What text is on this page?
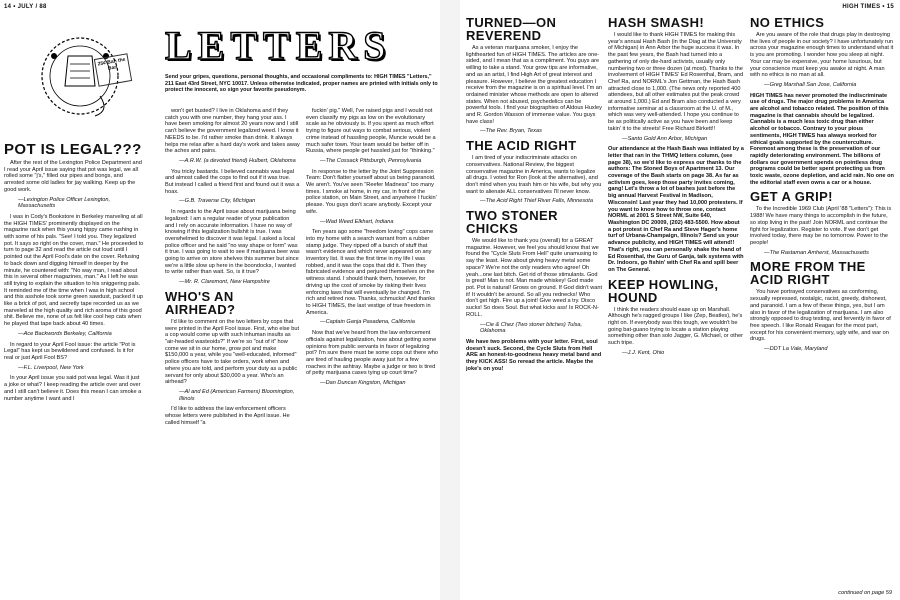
14 • JULY / 88
25¢ Ban the Ban
LETTERS
Send your gripes, questions, personal thoughts, and occasional compliments to: HIGH TIMES "Letters," 211 East 43rd Street, NYC 10017. Unless otherwise indicated, proper names are printed with initials only to protect the innocent, so sign your favorite pseudonym.
POT IS LEGAL???

After the rest of the Lexington Police Department and I read your April issue saying that pot was legal, we all rolled some "j's," filled our pipes and bongs, and arrested some old ladies for jay walking. Keep up the good work.

—Lexington Police Officer Lexington, Massachusetts

I was in Cody's Bookstore in Berkeley marveling at all the HIGH TIMES' prominently displayed on the magazine rack when this young hippy came rushing in with some of his pals. "See! I told you. They legalized pot. It says so right on the cover, man." He proceeded to turn to page 32 and read the article out loud until I pointed out the April Fool's date on the cover. Refusing to back down and digging himself in deeper by the minute, he countered with: "No way man, I read about this in several other magazines, man." As I left he was still trying to explain the situation to his sniggering pals. It reminded me of the time when I was in high school and this asshole took some green sawdust, packed it up like a brick of pot, and secretly tape recorded us as we marveled at the high quality and rich aroma of this good shit. Believe me, none of us felt like cool hep cats when he played that tape back about 40 times.

—Ace Backwords Berkeley, California

In regard to your April Fool issue: the article "Pot is Legal" has kept us bewildered and confused. Is it for real or just April Fool BS?

—F.L. Liverpool, New York

In your April issue you said pot was legal. Was it just a joke or what? I keep reading the article over and over and I still can't believe it. Does this mean I can smoke a number anytime I want and I

won't get busted? I live in Oklahoma and if they catch you with one number, they hang your ass. I have been smoking for almost 20 years now and I still can't believe the government legalized weed. I know it NEEDS to be. I'd rather smoke than drink. It always helps me relax after a hard day's work and takes away the aches and pains.

—A.R.W. (a devoted friend) Hulbert, Oklahoma

You tricky bastards. I believed cannabis was legal and almost called the cops to find out if it was true. But instead I called a friend first and found out it was a hoax.

—G.B. Traverse City, Michigan

In regards to the April issue about marijuana being legalized: I am a regular reader of your publication and I rely on accurate information. I have no way of knowing if this legalization bullshit is true. I was overwhelmed to discover it was legal. I asked a local police officer and he said "no way shape or form" was it true. I was going to wait to see if marijuana beer was going to arrive on store shelves this summer but since we're a little slow up here in the boondocks, I wanted to write rather than wait. So, is it true?

—Mr. R. Claremont, New Hampshire

WHO'S AN AIRHEAD?

I'd like to comment on the two letters by cops that were printed in the April Fool issue. First, who else but a cop would come up with such inhuman insults as "air-headed wasteoids?" If we're so "out of it" how come we sit in our home, grow pot and make $150,000 a year, while you "well-educated, informed" police officers have to take orders, work when and where you are told, and perform your duty as a public servant for only about $30,000 a year. Who's an airhead?

—Al and Ed (American Farmers) Bloomington, Illinois

I'd like to address the law enforcement officers whose letters were published in the April issue. He called himself "a

fuckin' pig." Well, I've raised pigs and I would not even classify my pigs as low on the evolutionary scale as he obviously is. If you spent as much effort trying to figure out ways to combat serious, violent crime instead of hassling people, Muncie would be a much safer town. Your team would be better off in Russia, where people get hassled just for "thinking."

—The Cossack Pittsburgh, Pennsylvania

In response to the letter by the Joint Suppression Team: Don't flatter yourself about us being paranoid. We aren't. You've seen "Reefer Madness" too many times. I smoke at home, in my car, in front of the police station, on Main Street, and anywhere I fuckin' please. You guys don't scare anybody. Except your wife.

—Wad Weed Elkhart, Indiana

Ten years ago some "freedom loving" cops came into my home with a search warrant from a rubber stamp judge. They ripped off a bunch of stuff that wasn't evidence and which never appeared on any inventory list. It was the first time in my life I was robbed, and it was the cops that did it. Then they fabricated evidence and perjured themselves on the witness stand. I should thank them, however, for driving up the cost of smoke by risking their lives enforcing laws that will eventually be changed. I'm rich and retired now. Thanks, schmucks! And thanks to HIGH TIMES, the last vestige of true freedom in America.

—Captain Ganja Pasadena, California

Now that we've heard from the law enforcement officials against legalization, how about getting some opinions from public servants in favor of legalizing pot? I'm sure there must be some cops out there who are tired of hauling people away just for a few roaches in the ashtray. Maybe a judge or two is tired of petty marijuana cases tying up court time?

—Dan Duncan Kingston, Michigan

HIGH TIMES • 15
TURNED—ON REVEREND

As a veteran marijuana smoker, I enjoy the lighthearted fun of HIGH TIMES. The articles are one-sided, and I mean that as a compliment. You guys are willing to take a stand. Your grow tips are informative, and as an artist, I find High Art of great interest and pleasure. However, I believe the greatest education I receive from the magazine is on a spiritual level. I'm an ordained minister whose methods are open to altered states. When not abused, psychedelics can be powerful tools. I find your biographies of Aldous Huxley and R. Gordon Wasson of immense value. You guys have class!

—The Rev. Bryan, Texas

THE ACID RIGHT

I am tired of your indiscriminate attacks on conservatives. National Review, the biggest conservative magazine in America, wants to legalize all drugs. I voted for Ron (look at the alternative), and don't mind when you trash him or his wife, but why you want to alienate ALL conservatives I'll never know.

—The Acid Right Thief River Falls, Minnesota

TWO STONER CHICKS

We would like to thank you (overall) for a GREAT magazine. However, we feel you should know that we found the "Cycle Sluts From Hell" quite unamusing to say the least. How about giving heavy metal some space? We're not the only readers who agree! Oh yeah...one last bitch. Get rid of those stimulants. God is great! Man is not. Man made whiskey! God made pot. Pot is natural! Grows on ground. If God didn't want it! It wouldn't be around. So all you rednecks! Who don't get high. Fire up a joint! Give weed a try. Disco sucks! So does Soul. But what kicks ass! Is ROCK-N-ROLL.

—Cie & Chez (Two stoner bitches) Tulsa, Oklahoma

We have two problems with your letter. First, soul doesn't suck. Second, the Cycle Sluts from Hell ARE an honest-to-goodness heavy metal band and they KICK ASS! So reread the article. Maybe the joke's on you!

HASH SMASH!

I would like to thank HIGH TIMES for making this year's annual Hash Bash (in the Diag at the University of Michigan) in Ann Arbor the huge success it was. In the past few years, the Bash had turned into a gathering of only die-hard activists, usually only numbering two or three dozen (at most). Thanks to the involvement of HIGH TIMES' Ed Rosenthal, Bram, and Chef Ra, and NORML's Jon Gettman, the Hash Bash attracted close to 1,000. (The news only reported 400 attendees, but all other estimates put the peak crowd at around 1,000.) Ed and Bram also conducted a very informative seminar at a classroom at the U. of M., which was very well-attended. I hope you continue to be as politically active as you have been and keep takin' it to the streets! Free Richard Birkett!!

—Santo Gold Ann Arbor, Michigan

Our attendance at the Hash Bash was initiated by a letter that ran in the THMQ letters column, (see page 38), so we'd like to express our thanks to the authors: The Stoned Boys of Apartment 13. Our coverage of the Bash starts on page 38. As far as activism goes, keep those party invites coming, gang! Let's throw a lot of bashes just before the big annual Harvest Festival in Madison, Wisconsin! Last year they had 10,000 protesters. If you want to know how to throw one, contact NORML at 2001 S Street NW, Suite 640, Washington DC 20009, (202) 483-5500. How about a pot protest in Chef Ra and Steve Hager's home turf of Urbana-Champaign, Illinois? Send us your advance publicity, and HIGH TIMES will attend!! That's right, you can personally shake the hand of Ed Rosenthal, the Guru of Ganja, talk systems with Dr. Indoors, go fishin' with Chef Ra and spill beer on The General.

KEEP HOWLING, HOUND

I think the readers should ease up on Marshall. Although he's ragged groups I like (Zep, Beatles), he's right on. If everybody was this tough, we wouldn't be going bat-guano trying to locate a station playing something other than solo Jagger, G. Michael, or other such tripe.

—J.J. Kent, Ohio

NO ETHICS

Are you aware of the role that drugs play in destroying the lives of people in our society? I have unfortunately run across your magazine enough times to understand what it is you are promoting. I wonder how you sleep at night. Your car may be expensive, your home luxurious, but your conscience must keep you awake at night. A man with no ethics is no man at all.

—Greg Marshall San Jose, California

HIGH TIMES has never promoted the indiscriminate use of drugs. The major drug problems in America are alcohol and tobacco related. The position of this magazine is that cannabis should be legalized. Cannabis is a much less toxic drug than either alcohol or tobacco. Contrary to your pious sentiments, HIGH TIMES has always worked for ethical goals supported by the counterculture. Foremost among these is the preservation of our rapidly deteriorating environment. The billions of dollars our government spends on pointless drug programs could be better spent protecting us from toxic waste, ozone depletion, and acid rain. No one on the editorial staff even owns a car or a house.

GET A GRIP!

To the Incredible 1969 Club (April '88 "Letters"): This is 1988! We have many things to accomplish in the future, so stop living in the past! Join NORML and continue the fight for legalization. Register to vote. If we don't get involved today, there may be no tomorrow. Power to the people!

—The Rastaman Amherst, Massachusetts

MORE FROM THE ACID RIGHT

You have portrayed conservatives as conforming, sexually repressed, nostalgic, racist, greedy, dishonest, and paranoid. I am a few of these things, yes, but I am also in favor of the legalization of marijuana. I am also strongly opposed to drug testing, and fervently in favor of free speech. I like Ronald Reagan for the most part, except for his convenient memory, ugly wife, and war on drugs.

—DDT La Vale, Maryland

continued on page 59
